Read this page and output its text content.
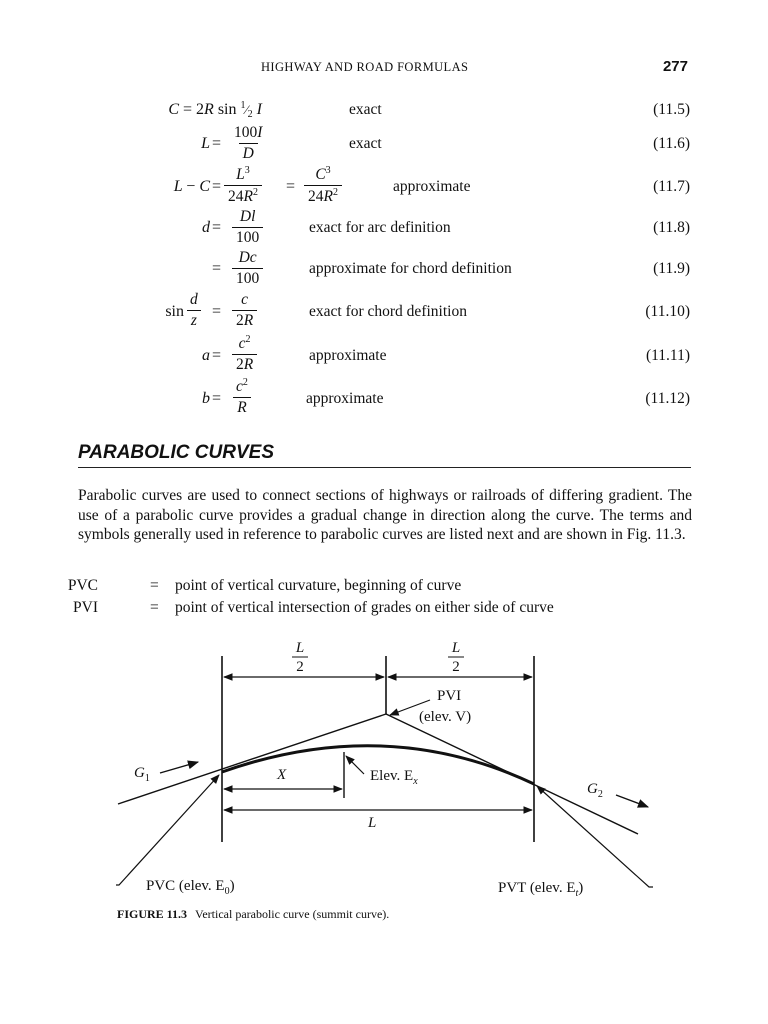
HIGHWAY AND ROAD FORMULAS	277
C = 2R $\sin ^1⁄_2$ I	exact	(11.5)
$L = \frac{100I}{D}$	exact	(11.6)
$L - C = \frac{L^3}{24R^2} = \frac{C^3}{24R^2}$	approximate	(11.7)
$d = \frac{Dl}{100}$	exact for arc definition	(11.8)
= $\frac{Dc}{100}$	approximate for chord definition	(11.9)
$\sin \frac{d}{z} = \frac{c}{2R}$	exact for chord definition	(11.10)
$a = \frac{c^2}{2R}$	approximate	(11.11)
$b = \frac{c^2}{R}$	approximate	(11.12)
PARABOLIC CURVES

Parabolic curves are used to connect sections of highways or railroads of differing gradient. The use of a parabolic curve provides a gradual change in direction along the curve. The terms and symbols generally used in reference to parabolic curves are listed next and are shown in Fig. 11.3.

PVC	= point of vertical curvature, beginning of curve
PVI	= point of vertical intersection of grades on either side of curve
L
2
L
2
PVI
(elev. V)
$G_1$
$G_2$
X	Elev. $E_x$
L
PVC (elev. $E_0$)	PVT (elev. $E_t$)
FIGURE 11.3 Vertical parabolic curve (summit curve).
